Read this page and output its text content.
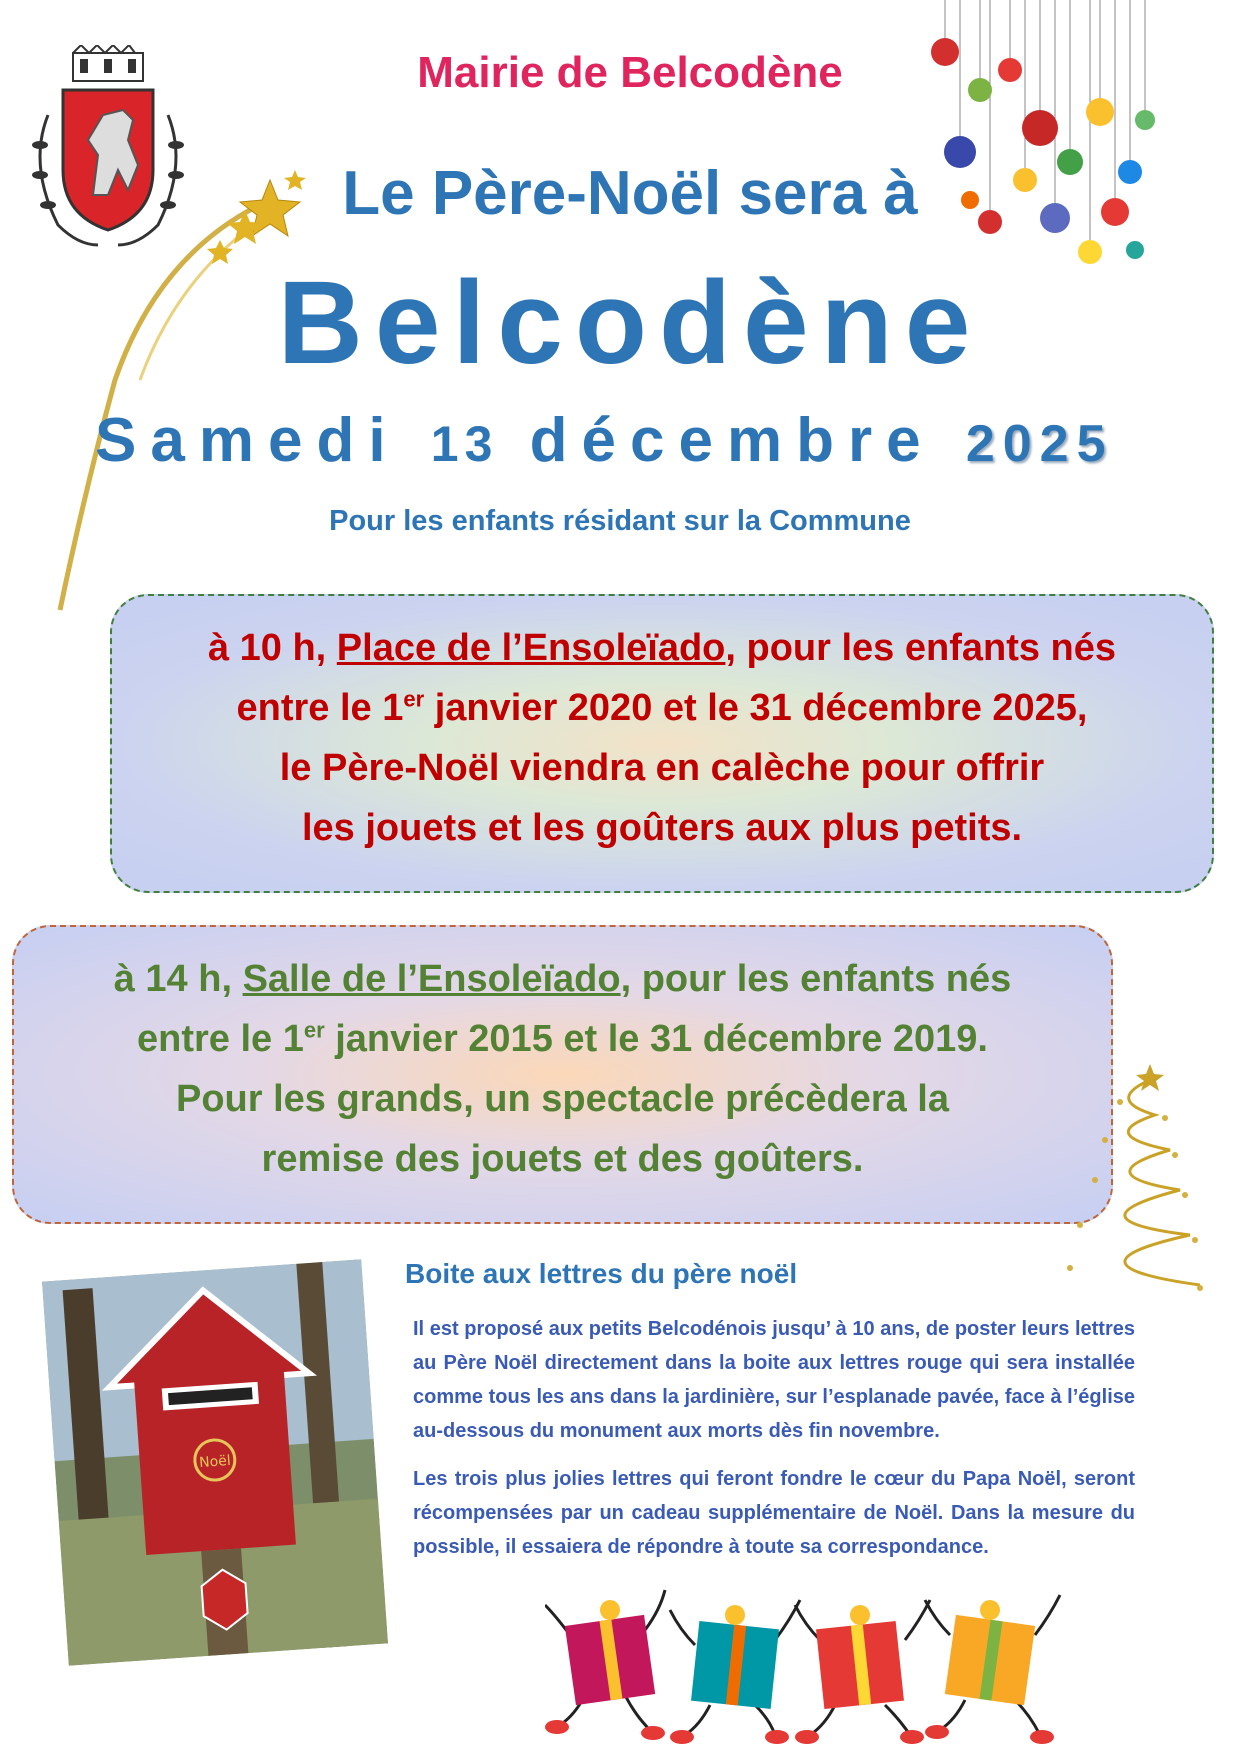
Mairie de Belcodène
Le Père-Noël sera à
Belcodène
Samedi 13 décembre 2025
Pour les enfants résidant sur la Commune
à 10 h, Place de l’Ensoleïado, pour les enfants nés
entre le 1er janvier 2020 et le 31 décembre 2025,
le Père-Noël viendra en calèche pour offrir
les jouets et les goûters aux plus petits.
à 14 h, Salle de l’Ensoleïado, pour les enfants nés
entre le 1er janvier 2015 et le 31 décembre 2019.
Pour les grands, un spectacle précèdera la
remise des jouets et des goûters.
Noël
Boite aux lettres du père noël
Il est proposé aux petits Belcodénois jusqu’ à 10 ans, de poster leurs lettres au Père Noël directement dans la boite aux lettres rouge qui sera installée comme tous les ans dans la jardinière, sur l’esplanade pavée, face à l’église au-dessous du monument aux morts dès fin novembre.
Les trois plus jolies lettres qui feront fondre le cœur du Papa Noël, seront récompensées par un cadeau supplémentaire de Noël. Dans la mesure du possible, il essaiera de répondre à toute sa correspondance.
